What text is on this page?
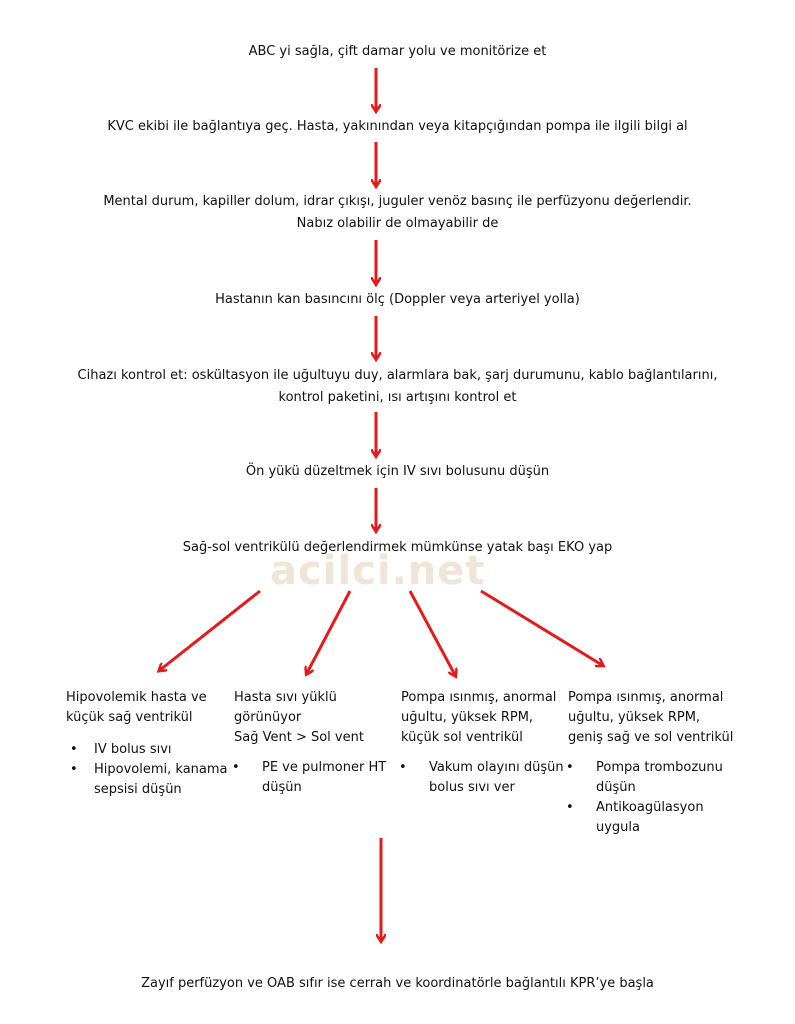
acilci.net
ABC yi sağla, çift damar yolu ve monitörize et
KVC ekibi ile bağlantıya geç. Hasta, yakınından veya kitapçığından pompa ile ilgili bilgi al
Mental durum, kapiller dolum, idrar çıkışı, juguler venöz basınç ile perfüzyonu değerlendir.
Nabız olabilir de olmayabilir de
Hastanın kan basıncını ölç (Doppler veya arteriyel yolla)
Cihazı kontrol et: oskültasyon ile uğultuyu duy, alarmlara bak, şarj durumunu, kablo bağlantılarını,
kontrol paketini, ısı artışını kontrol et
Ön yükü düzeltmek için IV sıvı bolusunu düşün
Sağ-sol ventrikülü değerlendirmek mümkünse yatak başı EKO yap
Hipovolemik hasta ve
küçük sağ ventrikül
• IV bolus sıvı
• Hipovolemi, kanama
sepsisi düşün
Hasta sıvı yüklü
görünüyor
Sağ Vent > Sol vent
• PE ve pulmoner HT
düşün
Pompa ısınmış, anormal
uğultu, yüksek RPM,
küçük sol ventrikül
• Vakum olayını düşün
bolus sıvı ver
Pompa ısınmış, anormal
uğultu, yüksek RPM,
geniş sağ ve sol ventrikül
• Pompa trombozunu
düşün
• Antikoagülasyon
uygula
Zayıf perfüzyon ve OAB sıfır ise cerrah ve koordinatörle bağlantılı KPR’ye başla
